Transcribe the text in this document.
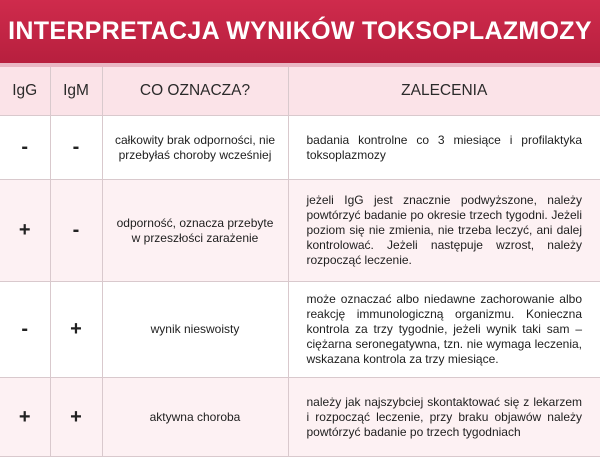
INTERPRETACJA WYNIKÓW TOKSOPLAZMOZY
IgG	IgM	CO OZNACZA?	ZALECENIA
-	-	całkowity brak odporności, nie przebyłaś choroby wcześniej	badania kontrolne co 3 miesiące i profilaktyka toksoplazmozy
+	-	odporność, oznacza przebyte w przeszłości zarażenie	jeżeli IgG jest znacznie podwyższone, należy powtórzyć badanie po okresie trzech tygodni. Jeżeli poziom się nie zmienia, nie trzeba leczyć, ani dalej kontrolować. Jeżeli następuje wzrost, należy rozpocząć leczenie.
-	+	wynik nieswoisty	może oznaczać albo niedawne zachorowanie albo reakcję immunologiczną organizmu. Konieczna kontrola za trzy tygodnie, jeżeli wynik taki sam – ciężarna seronegatywna, tzn. nie wymaga leczenia, wskazana kontrola za trzy miesiące.
+	+	aktywna choroba	należy jak najszybciej skontaktować się z lekarzem i rozpocząć leczenie, przy braku objawów należy powtórzyć badanie po trzech tygodniach
